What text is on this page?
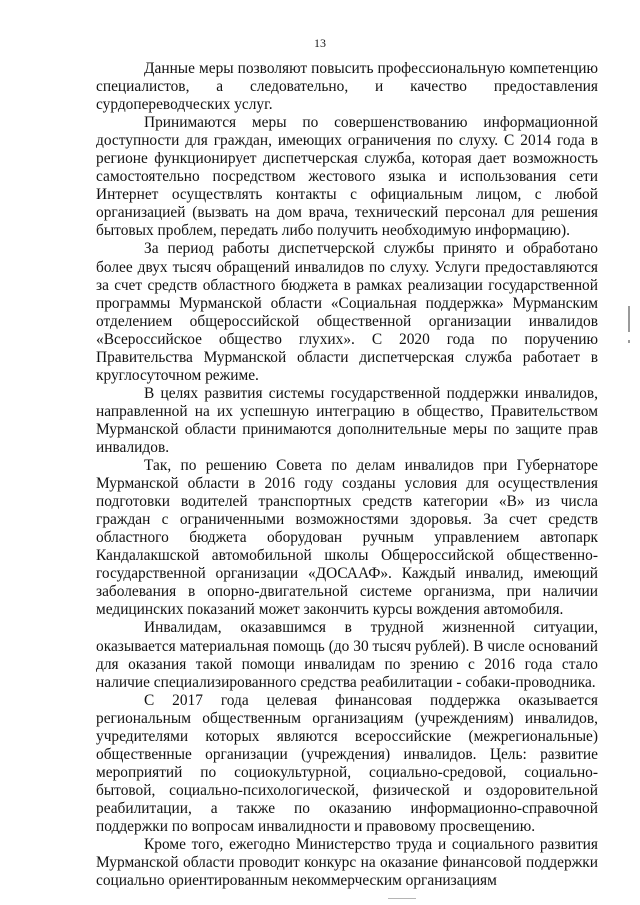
13

Данные меры позволяют повысить профессиональную компетенцию специалистов, а следовательно, и качество предоставления сурдопереводческих услуг.

Принимаются меры по совершенствованию информационной доступности для граждан, имеющих ограничения по слуху. С 2014 года в регионе функционирует диспетчерская служба, которая дает возможность самостоятельно посредством жестового языка и использования сети Интернет осуществлять контакты с официальным лицом, с любой организацией (вызвать на дом врача, технический персонал для решения бытовых проблем, передать либо получить необходимую информацию).

За период работы диспетчерской службы принято и обработано более двух тысяч обращений инвалидов по слуху. Услуги предоставляются за счет средств областного бюджета в рамках реализации государственной программы Мурманской области «Социальная поддержка» Мурманским отделением общероссийской общественной организации инвалидов «Всероссийское общество глухих». С 2020 года по поручению Правительства Мурманской области диспетчерская служба работает в круглосуточном режиме.

В целях развития системы государственной поддержки инвалидов, направленной на их успешную интеграцию в общество, Правительством Мурманской области принимаются дополнительные меры по защите прав инвалидов.

Так, по решению Совета по делам инвалидов при Губернаторе Мурманской области в 2016 году созданы условия для осуществления подготовки водителей транспортных средств категории «В» из числа граждан с ограниченными возможностями здоровья. За счет средств областного бюджета оборудован ручным управлением автопарк Кандалакшской автомобильной школы Общероссийской общественно-государственной организации «ДОСААФ». Каждый инвалид, имеющий заболевания в опорно-двигательной системе организма, при наличии медицинских показаний может закончить курсы вождения автомобиля.

Инвалидам, оказавшимся в трудной жизненной ситуации, оказывается материальная помощь (до 30 тысяч рублей). В числе оснований для оказания такой помощи инвалидам по зрению с 2016 года стало наличие специализированного средства реабилитации - собаки-проводника.

С 2017 года целевая финансовая поддержка оказывается региональным общественным организациям (учреждениям) инвалидов, учредителями которых являются всероссийские (межрегиональные) общественные организации (учреждения) инвалидов. Цель: развитие мероприятий по социокультурной, социально-средовой, социально-бытовой, социально-психологической, физической и оздоровительной реабилитации, а также по оказанию информационно-справочной поддержки по вопросам инвалидности и правовому просвещению.

Кроме того, ежегодно Министерство труда и социального развития Мурманской области проводит конкурс на оказание финансовой поддержки социально ориентированным некоммерческим организациям
